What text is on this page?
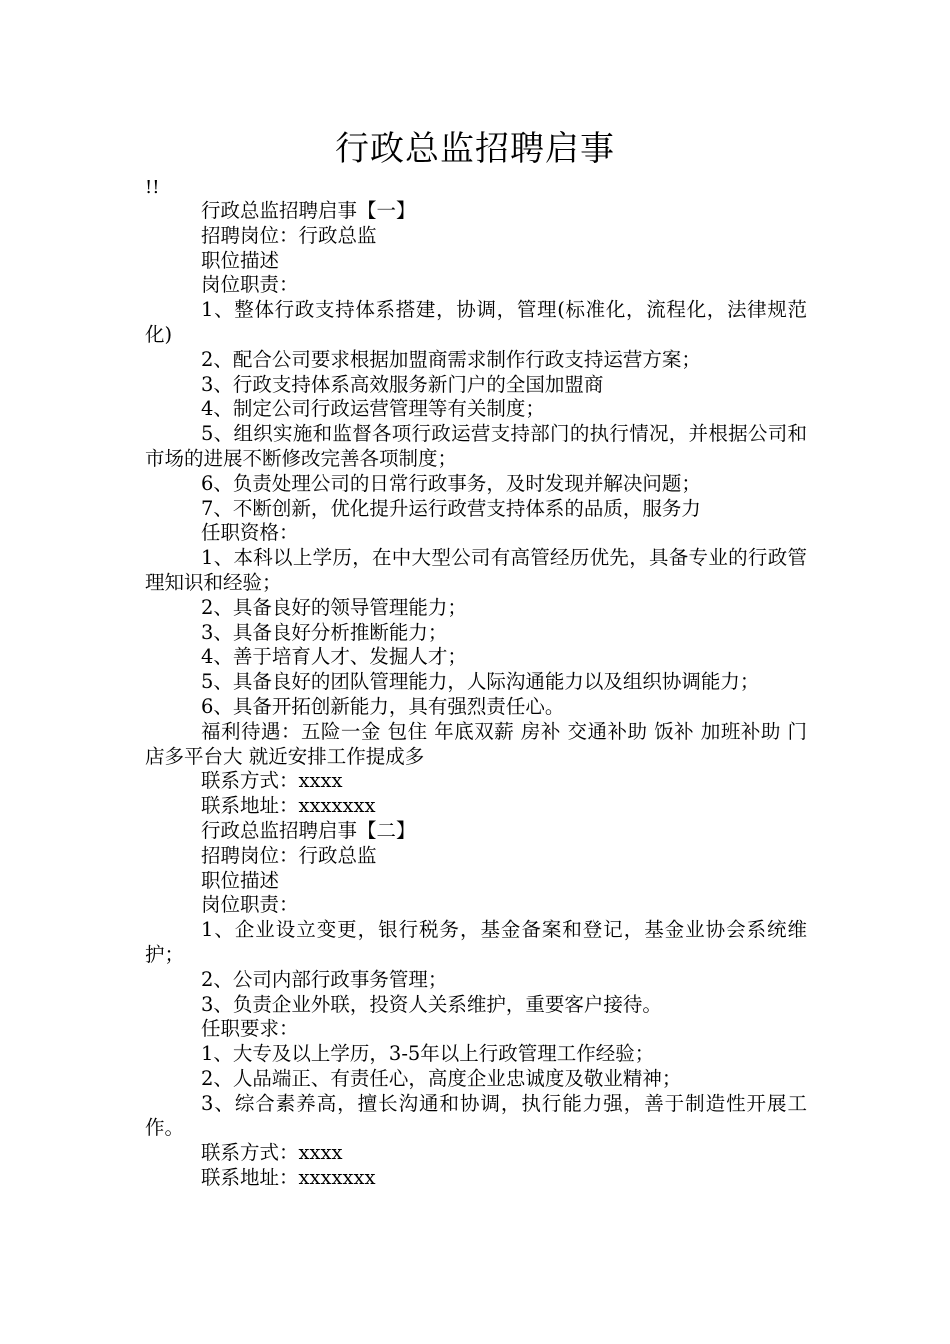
行政总监招聘启事
!!

行政总监招聘启事【一】

招聘岗位：行政总监

职位描述

岗位职责：

1、整体行政支持体系搭建，协调，管理(标准化，流程化，法律规范化)

2、配合公司要求根据加盟商需求制作行政支持运营方案；

3、行政支持体系高效服务新门户的全国加盟商

4、制定公司行政运营管理等有关制度；

5、组织实施和监督各项行政运营支持部门的执行情况，并根据公司和市场的进展不断修改完善各项制度；

6、负责处理公司的日常行政事务，及时发现并解决问题；

7、不断创新，优化提升运行政营支持体系的品质，服务力

任职资格：

1、本科以上学历，在中大型公司有高管经历优先，具备专业的行政管理知识和经验；

2、具备良好的领导管理能力；

3、具备良好分析推断能力；

4、善于培育人才、发掘人才；

5、具备良好的团队管理能力，人际沟通能力以及组织协调能力；

6、具备开拓创新能力，具有强烈责任心。

福利待遇：五险一金 包住 年底双薪 房补 交通补助 饭补 加班补助 门店多平台大 就近安排工作提成多

联系方式：xxxx

联系地址：xxxxxxx

行政总监招聘启事【二】

招聘岗位：行政总监

职位描述

岗位职责：

1、企业设立变更，银行税务，基金备案和登记，基金业协会系统维护；

2、公司内部行政事务管理；

3、负责企业外联，投资人关系维护，重要客户接待。

任职要求：

1、大专及以上学历，3-5年以上行政管理工作经验；

2、人品端正、有责任心，高度企业忠诚度及敬业精神；

3、综合素养高，擅长沟通和协调，执行能力强，善于制造性开展工作。

联系方式：xxxx

联系地址：xxxxxxx
